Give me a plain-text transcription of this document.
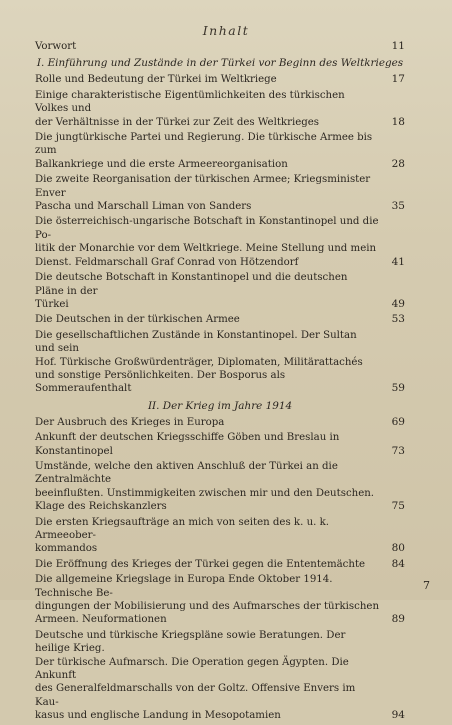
Inhalt
Vorwort	11
I. Einführung und Zustände in der Türkei vor Beginn des Weltkrieges
Rolle und Bedeutung der Türkei im Weltkriege	17
Einige charakteristische Eigentümlichkeiten des türkischen Volkes und
der Verhältnisse in der Türkei zur Zeit des Weltkrieges	18
Die jungtürkische Partei und Regierung. Die türkische Armee bis zum
Balkankriege und die erste Armeereorganisation	28
Die zweite Reorganisation der türkischen Armee; Kriegsminister Enver
Pascha und Marschall Liman von Sanders	35
Die österreichisch-ungarische Botschaft in Konstantinopel und die Po-
litik der Monarchie vor dem Weltkriege. Meine Stellung und mein
Dienst. Feldmarschall Graf Conrad von Hötzendorf	41
Die deutsche Botschaft in Konstantinopel und die deutschen Pläne in der
Türkei	49
Die Deutschen in der türkischen Armee	53
Die gesellschaftlichen Zustände in Konstantinopel. Der Sultan und sein
Hof. Türkische Großwürdenträger, Diplomaten, Militärattachés
und sonstige Persönlichkeiten. Der Bosporus als Sommeraufenthalt	59
II. Der Krieg im Jahre 1914
Der Ausbruch des Krieges in Europa	69
Ankunft der deutschen Kriegsschiffe Göben und Breslau in Konstantinopel	73
Umstände, welche den aktiven Anschluß der Türkei an die Zentralmächte
beeinflußten. Unstimmigkeiten zwischen mir und den Deutschen.
Klage des Reichskanzlers	75
Die ersten Kriegsaufträge an mich von seiten des k. u. k. Armeeober-
kommandos	80
Die Eröffnung des Krieges der Türkei gegen die Ententemächte	84
Die allgemeine Kriegslage in Europa Ende Oktober 1914. Technische Be-
dingungen der Mobilisierung und des Aufmarsches der türkischen
Armeen. Neuformationen	89
Deutsche und türkische Kriegspläne sowie Beratungen. Der heilige Krieg.
Der türkische Aufmarsch. Die Operation gegen Ägypten. Die Ankunft
des Generalfeldmarschalls von der Goltz. Offensive Envers im Kau-
kasus und englische Landung in Mesopotamien	94
7
